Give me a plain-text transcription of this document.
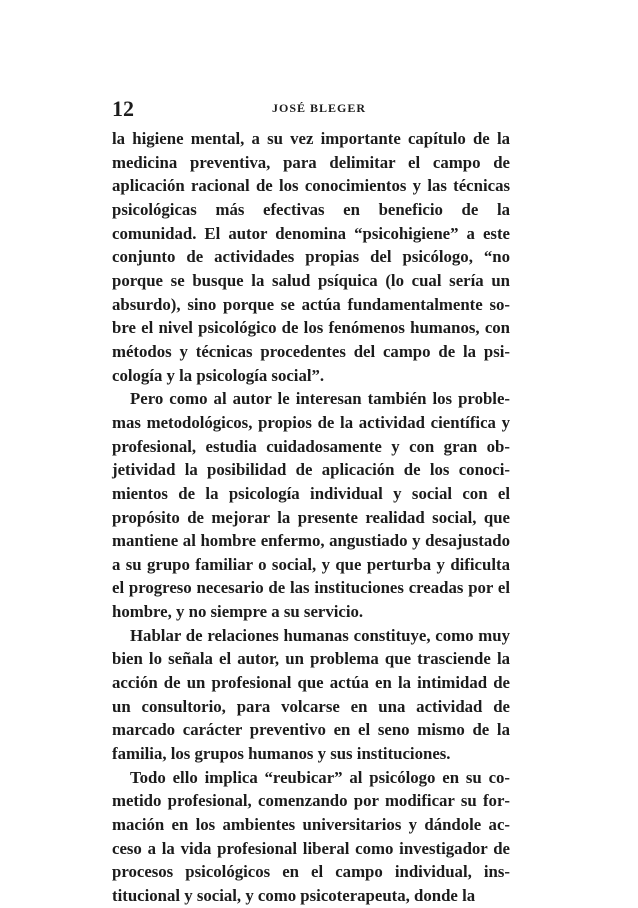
12	JOSÉ BLEGER

la higiene mental, a su vez importante capítulo de la medicina preventiva, para delimitar el campo de aplicación racional de los conocimientos y las técnicas psicológicas más efectivas en beneficio de la comunidad. El autor denomina “psicohigiene” a este conjunto de actividades propias del psicólogo, “no porque se busque la salud psíquica (lo cual sería un absurdo), sino porque se actúa fundamentalmente sobre el nivel psicológico de los fenómenos humanos, con métodos y técnicas procedentes del campo de la psicología y la psicología social”.

Pero como al autor le interesan también los problemas metodológicos, propios de la actividad científica y profesional, estudia cuidadosamente y con gran objetividad la posibilidad de aplicación de los conocimientos de la psicología individual y social con el propósito de mejorar la presente realidad social, que mantiene al hombre enfermo, angustiado y desajustado a su grupo familiar o social, y que perturba y dificulta el progreso necesario de las instituciones creadas por el hombre, y no siempre a su servicio.

Hablar de relaciones humanas constituye, como muy bien lo señala el autor, un problema que trasciende la acción de un profesional que actúa en la intimidad de un consultorio, para volcarse en una actividad de marcado carácter preventivo en el seno mismo de la familia, los grupos humanos y sus instituciones.

Todo ello implica “reubicar” al psicólogo en su cometido profesional, comenzando por modificar su formación en los ambientes universitarios y dándole acceso a la vida profesional liberal como investigador de procesos psicológicos en el campo individual, institucional y social, y como psicoterapeuta, donde la
